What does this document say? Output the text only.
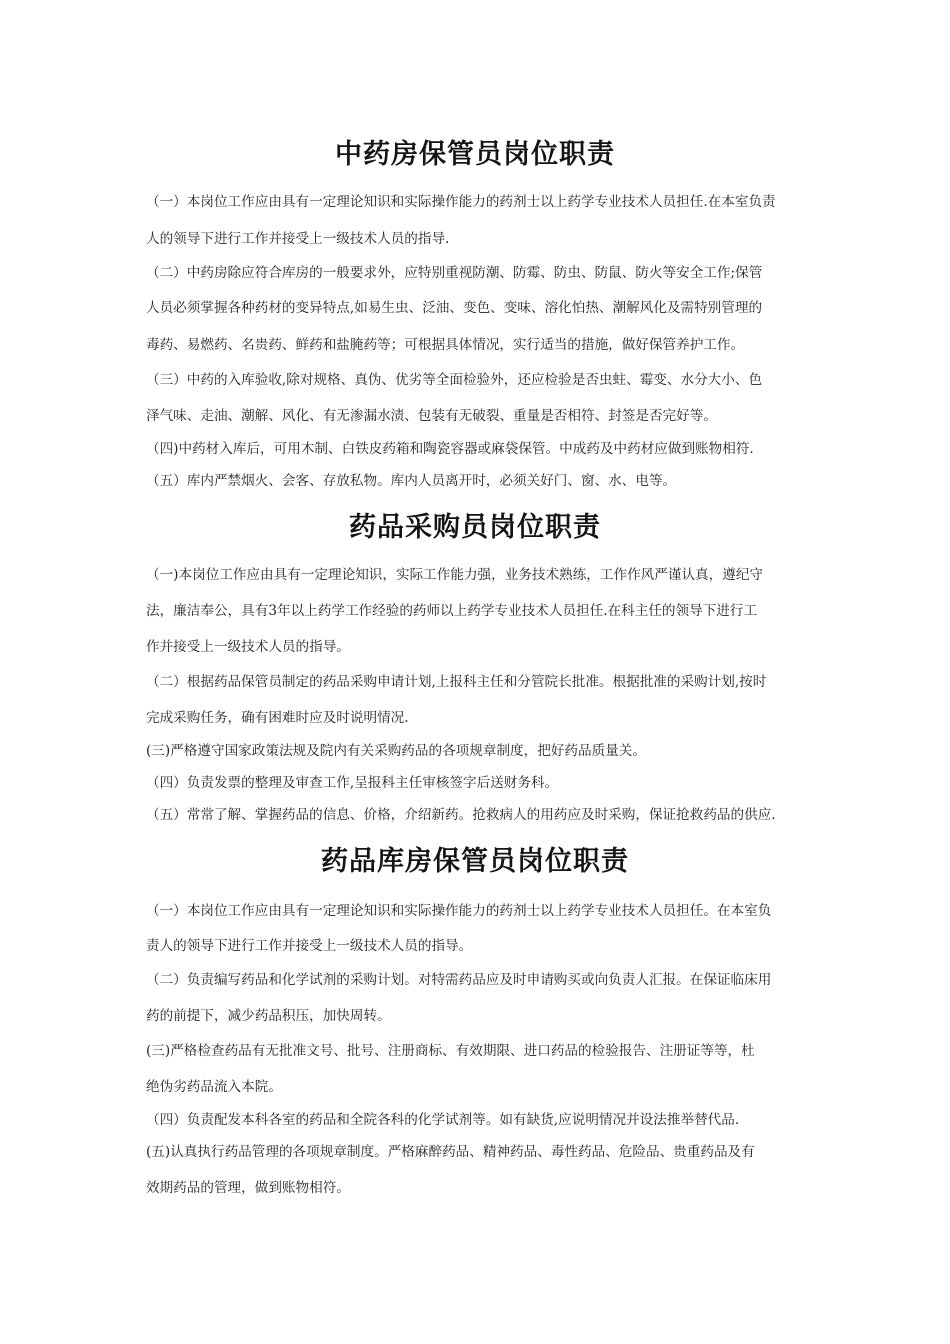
中药房保管员岗位职责
（一）本岗位工作应由具有一定理论知识和实际操作能力的药剂士以上药学专业技术人员担任.在本室负责
人的领导下进行工作并接受上一级技术人员的指导.
（二）中药房除应符合库房的一般要求外，应特别重视防潮、防霉、防虫、防鼠、防火等安全工作;保管
人员必须掌握各种药材的变异特点,如易生虫、泛油、变色、变味、溶化怕热、潮解风化及需特别管理的
毒药、易燃药、名贵药、鲜药和盐腌药等；可根据具体情况，实行适当的措施，做好保管养护工作。
（三）中药的入库验收,除对规格、真伪、优劣等全面检验外，还应检验是否虫蛀、霉变、水分大小、色
泽气味、走油、潮解、风化、有无渗漏水渍、包装有无破裂、重量是否相符、封签是否完好等。
（四)中药材入库后，可用木制、白铁皮药箱和陶瓷容器或麻袋保管。中成药及中药材应做到账物相符.
（五）库内严禁烟火、会客、存放私物。库内人员离开时，必须关好门、窗、水、电等。
药品采购员岗位职责
（一)本岗位工作应由具有一定理论知识，实际工作能力强，业务技术熟练，工作作风严谨认真，遵纪守
法，廉洁奉公，具有3年以上药学工作经验的药师以上药学专业技术人员担任.在科主任的领导下进行工
作并接受上一级技术人员的指导。
（二）根据药品保管员制定的药品采购申请计划,上报科主任和分管院长批准。根据批准的采购计划,按时
完成采购任务，确有困难时应及时说明情况.
(三)严格遵守国家政策法规及院内有关采购药品的各项规章制度，把好药品质量关。
（四）负责发票的整理及审查工作,呈报科主任审核签字后送财务科。
（五）常常了解、掌握药品的信息、价格，介绍新药。抢救病人的用药应及时采购，保证抢救药品的供应.
药品库房保管员岗位职责
（一）本岗位工作应由具有一定理论知识和实际操作能力的药剂士以上药学专业技术人员担任。在本室负
责人的领导下进行工作并接受上一级技术人员的指导。
（二）负责编写药品和化学试剂的采购计划。对特需药品应及时申请购买或向负责人汇报。在保证临床用
药的前提下，减少药品积压，加快周转。
(三)严格检查药品有无批准文号、批号、注册商标、有效期限、进口药品的检验报告、注册证等等，杜
绝伪劣药品流入本院。
（四）负责配发本科各室的药品和全院各科的化学试剂等。如有缺货,应说明情况并设法推举替代品.
(五)认真执行药品管理的各项规章制度。严格麻醉药品、精神药品、毒性药品、危险品、贵重药品及有
效期药品的管理，做到账物相符。
